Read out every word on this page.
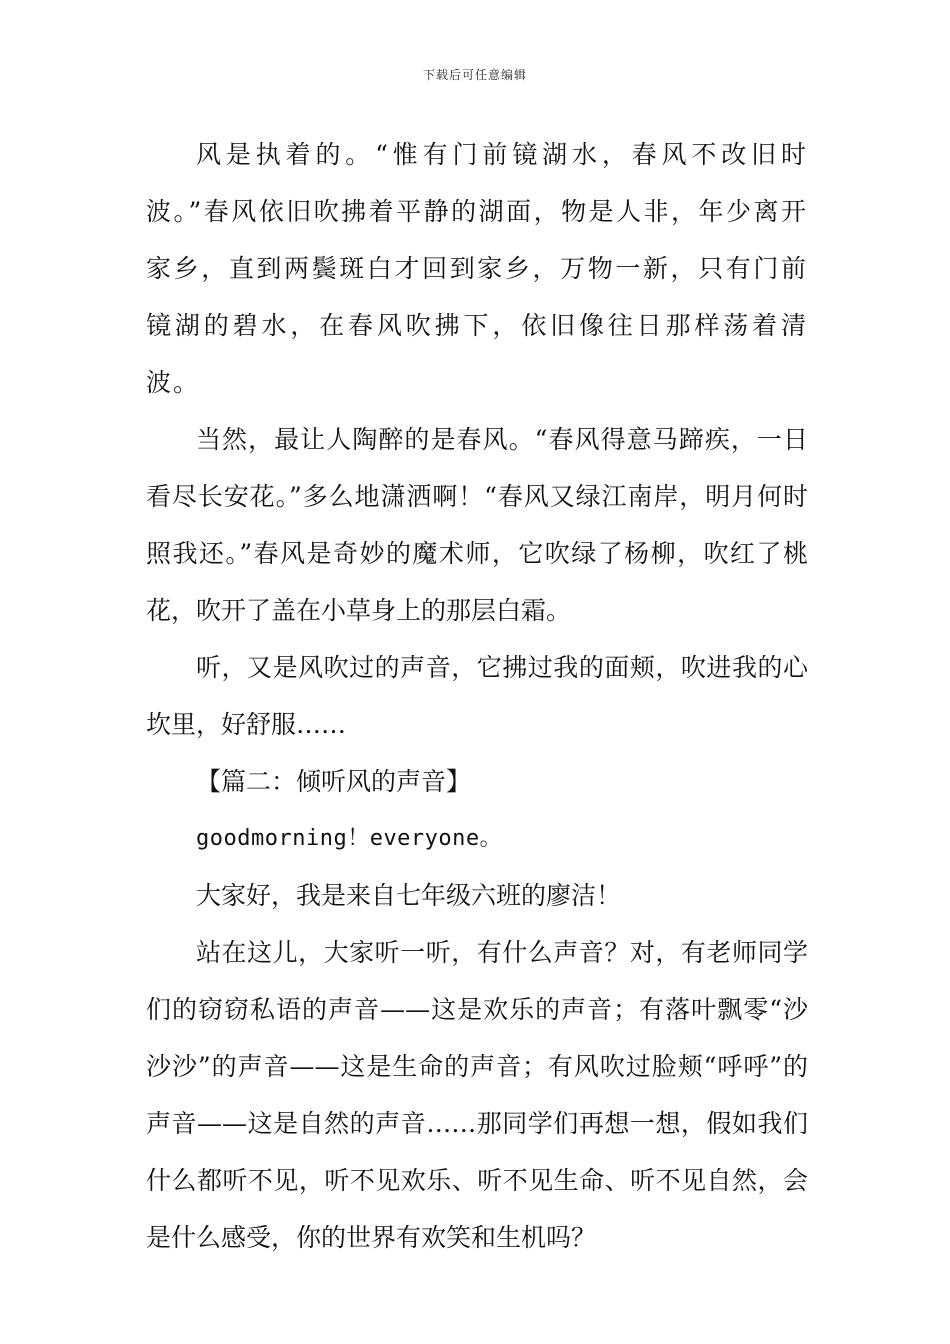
下载后可任意编辑

风是执着的。“惟有门前镜湖水，春风不改旧时波。”春风依旧吹拂着平静的湖面，物是人非，年少离开家乡，直到两鬓斑白才回到家乡，万物一新，只有门前镜湖的碧水，在春风吹拂下，依旧像往日那样荡着清波。

当然，最让人陶醉的是春风。“春风得意马蹄疾，一日看尽长安花。”多么地潇洒啊！“春风又绿江南岸，明月何时照我还。”春风是奇妙的魔术师，它吹绿了杨柳，吹红了桃花，吹开了盖在小草身上的那层白霜。

听，又是风吹过的声音，它拂过我的面颊，吹进我的心坎里，好舒服……

【篇二：倾听风的声音】

goodmorning！everyone。

大家好，我是来自七年级六班的廖洁！

站在这儿，大家听一听，有什么声音？对，有老师同学们的窃窃私语的声音——这是欢乐的声音；有落叶飘零“沙沙沙”的声音——这是生命的声音；有风吹过脸颊“呼呼”的声音——这是自然的声音……那同学们再想一想，假如我们什么都听不见，听不见欢乐、听不见生命、听不见自然，会是什么感受，你的世界有欢笑和生机吗？
